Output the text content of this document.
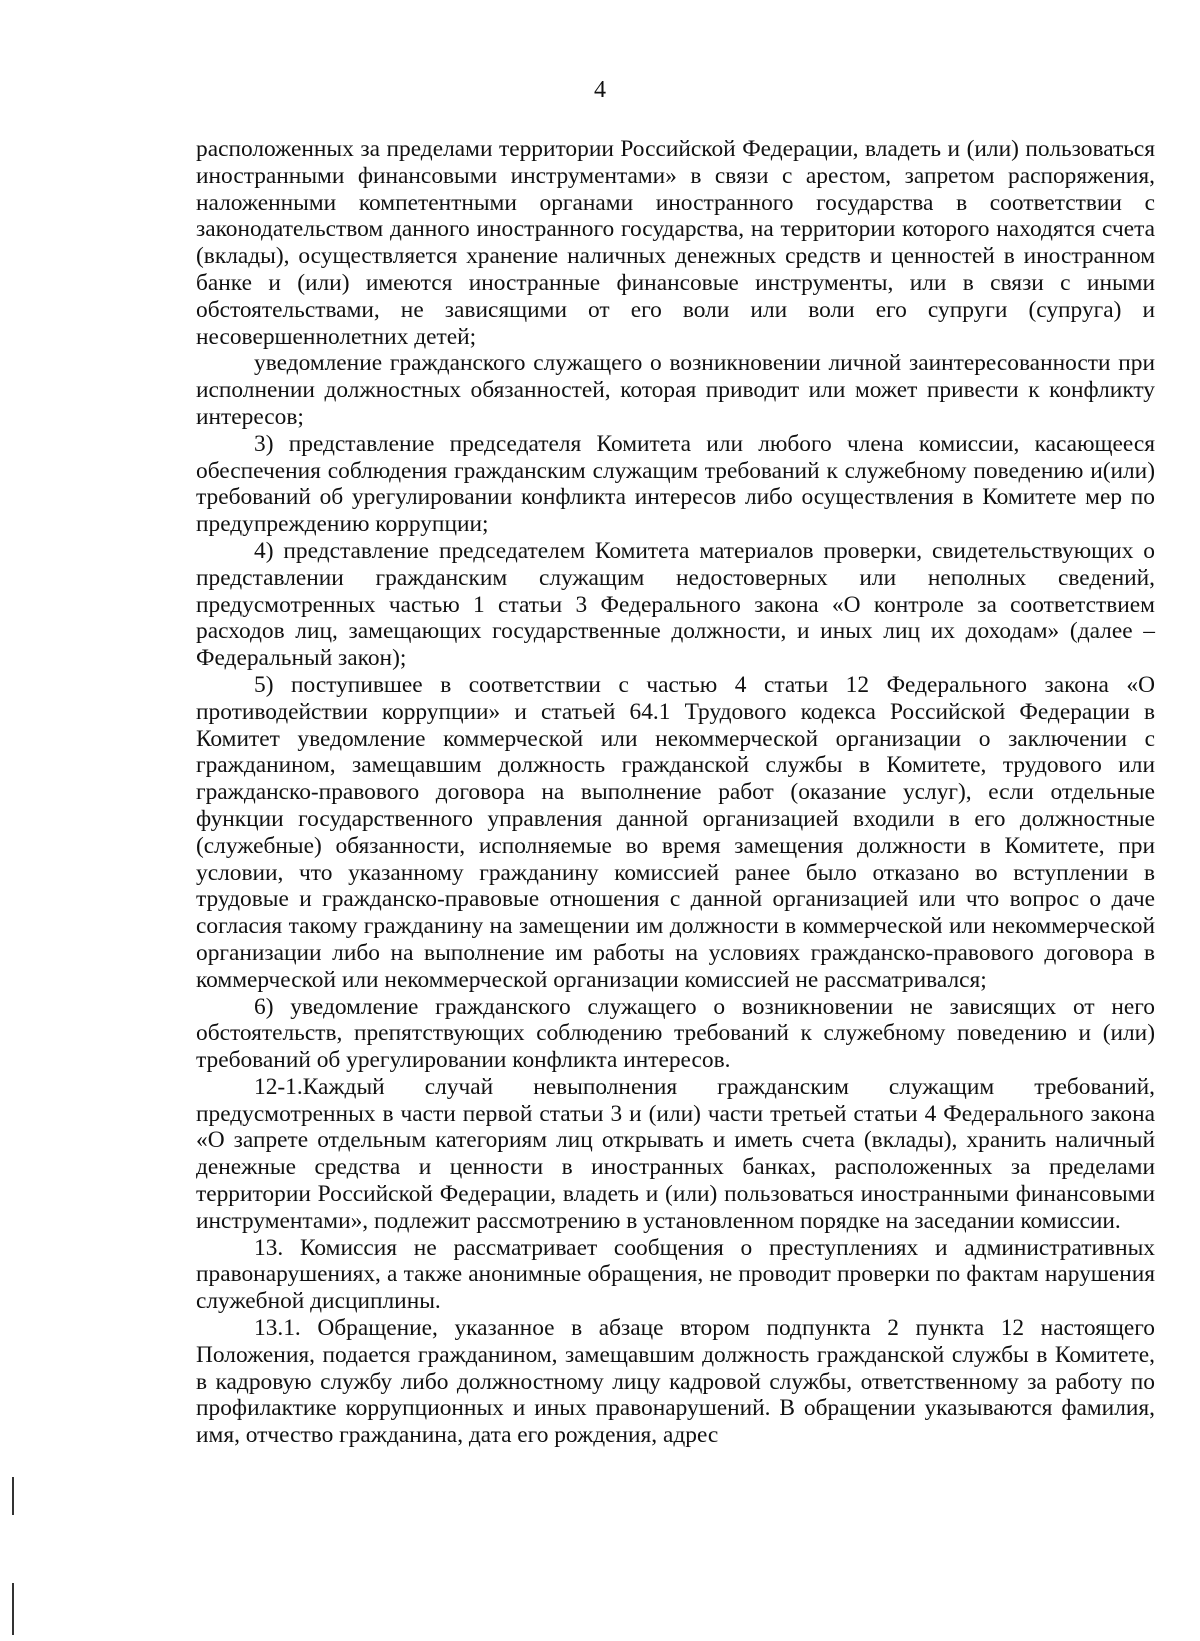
4

расположенных за пределами территории Российской Федерации, владеть и (или) пользоваться иностранными финансовыми инструментами» в связи с арестом, запретом распоряжения, наложенными компетентными органами иностранного государства в соответствии с законодательством данного иностранного государства, на территории которого находятся счета (вклады), осуществляется хранение наличных денежных средств и ценностей в иностранном банке и (или) имеются иностранные финансовые инструменты, или в связи с иными обстоятельствами, не зависящими от его воли или воли его супруги (супруга) и несовершеннолетних детей;

уведомление гражданского служащего о возникновении личной заинтересованности при исполнении должностных обязанностей, которая приводит или может привести к конфликту интересов;

3) представление председателя Комитета или любого члена комиссии, касающееся обеспечения соблюдения гражданским служащим требований к служебному поведению и(или) требований об урегулировании конфликта интересов либо осуществления в Комитете мер по предупреждению коррупции;

4) представление председателем Комитета материалов проверки, свидетельствующих о представлении гражданским служащим недостоверных или неполных сведений, предусмотренных частью 1 статьи 3 Федерального закона «О контроле за соответствием расходов лиц, замещающих государственные должности, и иных лиц их доходам» (далее – Федеральный закон);

5) поступившее в соответствии с частью 4 статьи 12 Федерального закона «О противодействии коррупции» и статьей 64.1 Трудового кодекса Российской Федерации в Комитет уведомление коммерческой или некоммерческой организации о заключении с гражданином, замещавшим должность гражданской службы в Комитете, трудового или гражданско-правового договора на выполнение работ (оказание услуг), если отдельные функции государственного управления данной организацией входили в его должностные (служебные) обязанности, исполняемые во время замещения должности в Комитете, при условии, что указанному гражданину комиссией ранее было отказано во вступлении в трудовые и гражданско-правовые отношения с данной организацией или что вопрос о даче согласия такому гражданину на замещении им должности в коммерческой или некоммерческой организации либо на выполнение им работы на условиях гражданско-правового договора в коммерческой или некоммерческой организации комиссией не рассматривался;

6) уведомление гражданского служащего о возникновении не зависящих от него обстоятельств, препятствующих соблюдению требований к служебному поведению и (или) требований об урегулировании конфликта интересов.

12-1.Каждый случай невыполнения гражданским служащим требований, предусмотренных в части первой статьи 3 и (или) части третьей статьи 4 Федерального закона «О запрете отдельным категориям лиц открывать и иметь счета (вклады), хранить наличный денежные средства и ценности в иностранных банках, расположенных за пределами территории Российской Федерации, владеть и (или) пользоваться иностранными финансовыми инструментами», подлежит рассмотрению в установленном порядке на заседании комиссии.

13. Комиссия не рассматривает сообщения о преступлениях и административных правонарушениях, а также анонимные обращения, не проводит проверки по фактам нарушения служебной дисциплины.

13.1. Обращение, указанное в абзаце втором подпункта 2 пункта 12 настоящего Положения, подается гражданином, замещавшим должность гражданской службы в Комитете, в кадровую службу либо должностному лицу кадровой службы, ответственному за работу по профилактике коррупционных и иных правонарушений. В обращении указываются фамилия, имя, отчество гражданина, дата его рождения, адрес
